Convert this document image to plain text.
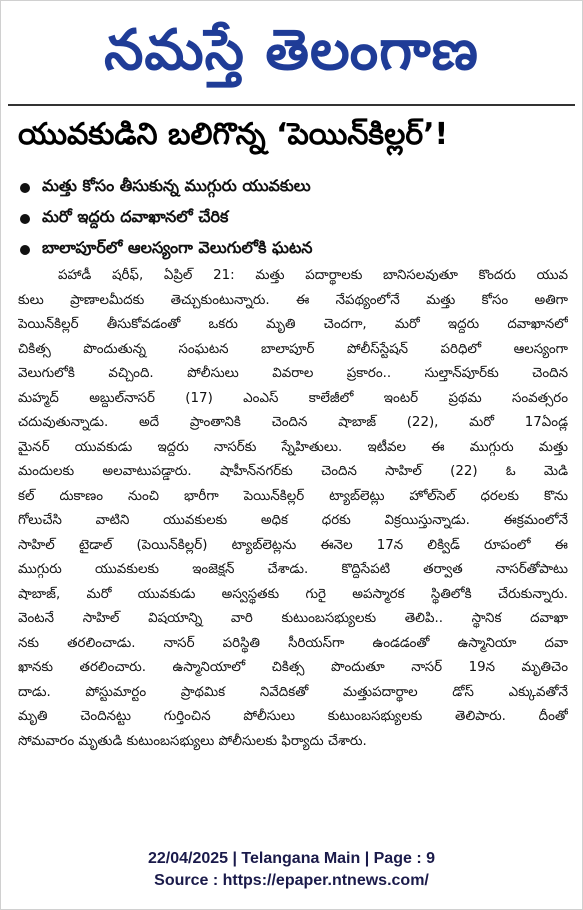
నమస్తే తెలంగాణ
యువకుడిని బలిగొన్న ‘పెయిన్‌కిల్లర్‌’!
మత్తు కోసం తీసుకున్న ముగ్గురు యువకులు
మరో ఇద్దరు దవాఖానలో చేరిక
బాలాపూర్‌లో ఆలస్యంగా వెలుగులోకి ఘటన

పహాడీ షరీఫ్‌, ఏప్రిల్‌ 21: మత్తు పదార్థాలకు బానిసలవుతూ కొందరు యువ
కులు ప్రాణాలమీదకు తెచ్చుకుంటున్నారు. ఈ నేపథ్యంలోనే మత్తు కోసం అతిగా
పెయిన్‌కిల్లర్‌ తీసుకోవడంతో ఒకరు మృతి చెందగా, మరో ఇద్దరు దవాఖానలో
చికిత్స పొందుతున్న సంఘటన బాలాపూర్‌ పోలీస్‌స్టేషన్‌ పరిధిలో ఆలస్యంగా
వెలుగులోకి వచ్చింది. పోలీసులు వివరాల ప్రకారం.. సుల్తాన్‌పూర్‌కు చెందిన
మహ్మద్‌ అబ్దుల్‌నాసర్‌ (17) ఎంఎస్‌ కాలేజీలో ఇంటర్‌ ప్రథమ సంవత్సరం
చదువుతున్నాడు. అదే ప్రాంతానికి చెందిన షాబాజ్‌ (22), మరో 17ఏండ్ల
మైనర్‌ యువకుడు ఇద్దరు నాసర్‌కు స్నేహితులు. ఇటీవల ఈ ముగ్గురు మత్తు
మందులకు అలవాటుపడ్డారు. షాహీన్‌నగర్‌కు చెందిన సాహిల్‌ (22) ఓ మెడి
కల్‌ దుకాణం నుంచి భారీగా పెయిన్‌కిల్లర్‌ ట్యాబ్‌లెట్లు హోల్‌సెల్‌ ధరలకు కొను
గోలుచేసి వాటిని యువకులకు అధిక ధరకు విక్రయిస్తున్నాడు. ఈక్రమంలోనే
సాహిల్‌ టైడాల్‌ (పెయిన్‌కిల్లర్‌) ట్యాబ్‌లెట్లను ఈనెల 17న లిక్విడ్‌ రూపంలో ఈ
ముగ్గురు యువకులకు ఇంజెక్షన్‌ చేశాడు. కొద్దిసేపటి తర్వాత నాసర్‌తోపాటు
షాబాజ్‌, మరో యువకుడు అస్వస్థతకు గురై అపస్మారక స్థితిలోకి చేరుకున్నారు.
వెంటనే సాహిల్‌ విషయాన్ని వారి కుటుంబసభ్యులకు తెలిపి.. స్థానిక దవాఖా
నకు తరలించాడు. నాసర్‌ పరిస్థితి సీరియస్‌గా ఉండడంతో ఉస్మానియా దవా
ఖానకు తరలించారు. ఉస్మానియాలో చికిత్స పొందుతూ నాసర్‌ 19న మృతిచెం
దాడు. పోస్టుమార్టం ప్రాథమిక నివేదికతో మత్తుపదార్థాల డోస్‌ ఎక్కువతోనే
మృతి చెందినట్టు గుర్తించిన పోలీసులు కుటుంబసభ్యులకు తెలిపారు. దీంతో
సోమవారం మృతుడి కుటుంబసభ్యులు పోలీసులకు ఫిర్యాదు చేశారు.

22/04/2025 | Telangana Main | Page : 9
Source : https://epaper.ntnews.com/
